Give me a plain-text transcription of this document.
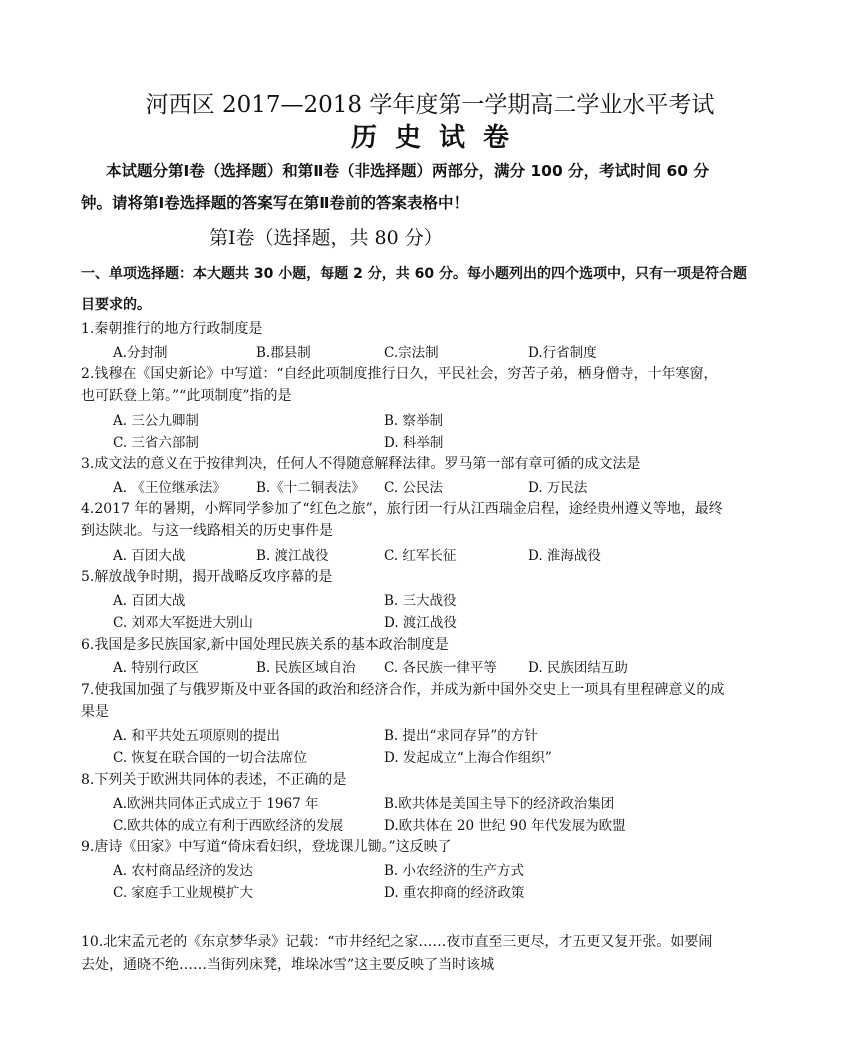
河西区 2017—2018 学年度第一学期高二学业水平考试
历史试卷
本试题分第Ⅰ卷（选择题）和第Ⅱ卷（非选择题）两部分，满分 100 分，考试时间 60 分
钟。请将第Ⅰ卷选择题的答案写在第Ⅱ卷前的答案表格中！
第Ⅰ卷（选择题，共 80 分）
一、单项选择题：本大题共 30 小题，每题 2 分，共 60 分。每小题列出的四个选项中，只有一项是符合题
目要求的。
1.秦朝推行的地方行政制度是
A.分封制	B.郡县制	C.宗法制	D.行省制度
2.钱穆在《国史新论》中写道：“自经此项制度推行日久，平民社会，穷苦子弟，栖身僧寺，十年寒窗，
也可跃登上第。”“此项制度”指的是
A. 三公九卿制	B. 察举制
C. 三省六部制	D. 科举制
3.成文法的意义在于按律判决，任何人不得随意解释法律。罗马第一部有章可循的成文法是
A. 《王位继承法》 B.《十二铜表法》 C. 公民法	D. 万民法
4.2017 年的暑期，小辉同学参加了“红色之旅”，旅行团一行从江西瑞金启程，途经贵州遵义等地，最终
到达陕北。与这一线路相关的历史事件是
A. 百团大战	B. 渡江战役	C. 红军长征	D. 淮海战役
5.解放战争时期，揭开战略反攻序幕的是
A. 百团大战	B. 三大战役
C. 刘邓大军挺进大别山	D. 渡江战役
6.我国是多民族国家,新中国处理民族关系的基本政治制度是
A. 特别行政区	B. 民族区域自治 C. 各民族一律平等 D. 民族团结互助
7.使我国加强了与俄罗斯及中亚各国的政治和经济合作，并成为新中国外交史上一项具有里程碑意义的成
果是
A. 和平共处五项原则的提出	B. 提出“求同存异”的方针
C. 恢复在联合国的一切合法席位	D. 发起成立“上海合作组织”
8.下列关于欧洲共同体的表述，不正确的是
A.欧洲共同体正式成立于 1967 年	B.欧共体是美国主导下的经济政治集团
C.欧共体的成立有利于西欧经济的发展	D.欧共体在 20 世纪 90 年代发展为欧盟
9.唐诗《田家》中写道“倚床看妇织，登垅课儿锄。”这反映了
A. 农村商品经济的发达	B. 小农经济的生产方式
C. 家庭手工业规模扩大	D. 重农抑商的经济政策
10.北宋孟元老的《东京梦华录》记载：“市井经纪之家……夜市直至三更尽，才五更又复开张。如要闹
去处，通晓不绝……当街列床凳，堆垛冰雪”这主要反映了当时该城
